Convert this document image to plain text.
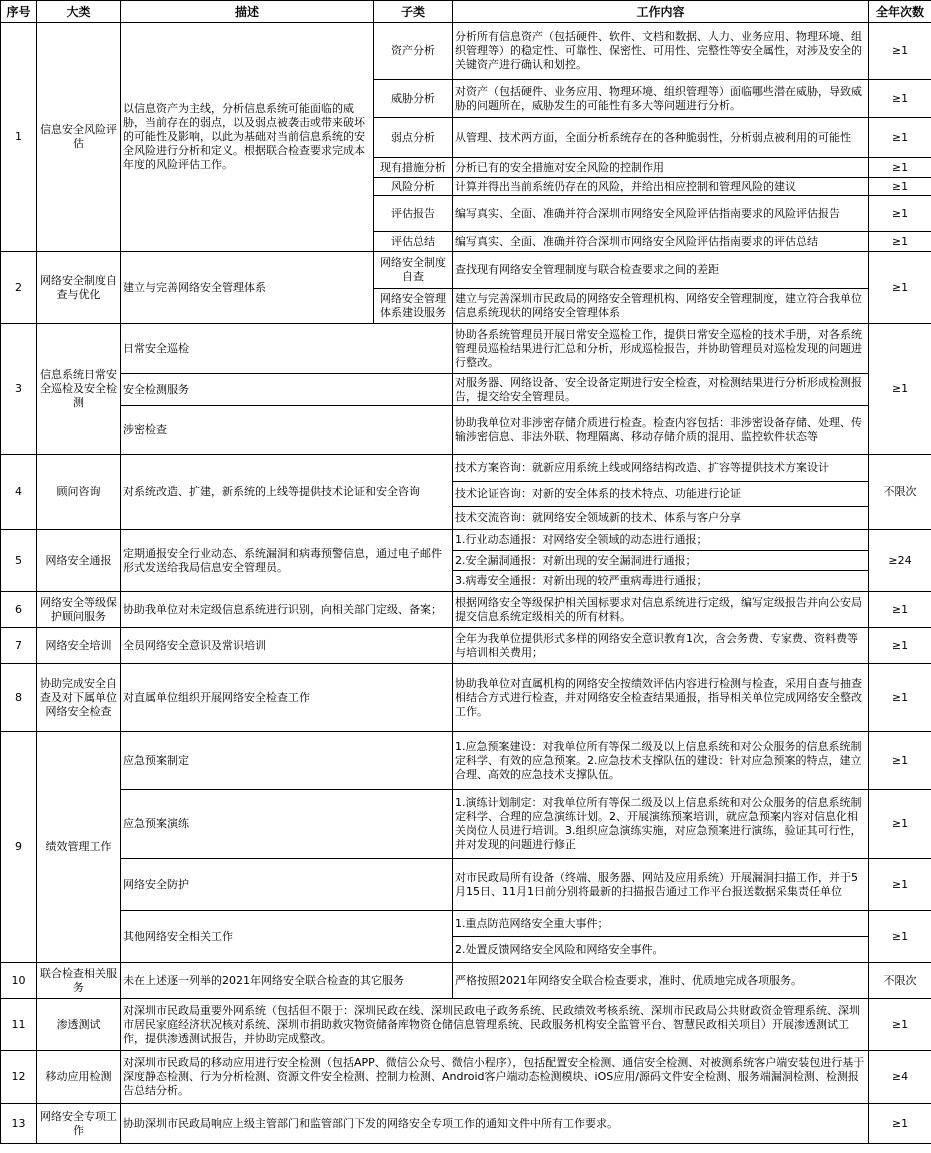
序号	大类	描述	子类	工作内容	全年次数
1	信息安全风险评估	以信息资产为主线，分析信息系统可能面临的威胁，当前存在的弱点，以及弱点被袭击或带来破坏的可能性及影响，以此为基础对当前信息系统的安全风险进行分析和定义。根据联合检查要求完成本年度的风险评估工作。	资产分析	分析所有信息资产（包括硬件、软件、文档和数据、人力、业务应用、物理环境、组织管理等）的稳定性、可靠性、保密性、可用性、完整性等安全属性，对涉及安全的关键资产进行确认和划控。	≥1
			威胁分析	对资产（包括硬件、业务应用、物理环境、组织管理等）面临哪些潜在威胁，导致威胁的问题所在，威胁发生的可能性有多大等问题进行分析。	≥1
			弱点分析	从管理、技术两方面，全面分析系统存在的各种脆弱性，分析弱点被利用的可能性	≥1
			现有措施分析	分析已有的安全措施对安全风险的控制作用	≥1
			风险分析	计算并得出当前系统仍存在的风险，并给出相应控制和管理风险的建议	≥1
			评估报告	编写真实、全面、准确并符合深圳市网络安全风险评估指南要求的风险评估报告	≥1
			评估总结	编写真实、全面、准确并符合深圳市网络安全风险评估指南要求的评估总结	≥1
2	网络安全制度自查与优化	建立与完善网络安全管理体系	网络安全制度自查	查找现有网络安全管理制度与联合检查要求之间的差距	≥1
			网络安全管理体系建设服务	建立与完善深圳市民政局的网络安全管理机构、网络安全管理制度，建立符合我单位信息系统现状的网络安全管理体系	
3	信息系统日常安全巡检及安全检测	日常安全巡检		协助各系统管理员开展日常安全巡检工作，提供日常安全巡检的技术手册，对各系统管理员巡检结果进行汇总和分析，形成巡检报告，并协助管理员对巡检发现的问题进行整改。	≥1
		安全检测服务		对服务器、网络设备、安全设备定期进行安全检查，对检测结果进行分析形成检测报告，提交给安全管理员。	
		涉密检查		协助我单位对非涉密存储介质进行检查。检查内容包括：非涉密设备存储、处理、传输涉密信息、非法外联、物理隔离、移动存储介质的混用、监控软件状态等	
4	顾问咨询	对系统改造、扩建，新系统的上线等提供技术论证和安全咨询		技术方案咨询：就新应用系统上线或网络结构改造、扩容等提供技术方案设计	不限次
				技术论证咨询：对新的安全体系的技术特点、功能进行论证	
				技术交流咨询：就网络安全领域新的技术、体系与客户分享	
5	网络安全通报	定期通报安全行业动态、系统漏洞和病毒预警信息，通过电子邮件形式发送给我局信息安全管理员。		1.行业动态通报：对网络安全领域的动态进行通报；	≥24
				2.安全漏洞通报：对新出现的安全漏洞进行通报；	
				3.病毒安全通报：对新出现的较严重病毒进行通报；	
6	网络安全等级保护顾问服务	协助我单位对未定级信息系统进行识别，向相关部门定级、备案；		根据网络安全等级保护相关国标要求对信息系统进行定级，编写定级报告并向公安局提交信息系统定级相关的所有材料。	≥1
7	网络安全培训	全员网络安全意识及常识培训		全年为我单位提供形式多样的网络安全意识教育1次，含会务费、专家费、资料费等与培训相关费用；	≥1
8	协助完成安全自查及对下属单位网络安全检查	对直属单位组织开展网络安全检查工作		协助我单位对直属机构的网络安全按绩效评估内容进行检测与检查，采用自查与抽查相结合方式进行检查，并对网络安全检查结果通报，指导相关单位完成网络安全整改工作。	≥1
9	绩效管理工作	应急预案制定		1.应急预案建设：对我单位所有等保二级及以上信息系统和对公众服务的信息系统制定科学、有效的应急预案。2.应急技术支撑队伍的建设：针对应急预案的特点，建立合理、高效的应急技术支撑队伍。	≥1
		应急预案演练		1.演练计划制定：对我单位所有等保二级及以上信息系统和对公众服务的信息系统制定科学、合理的应急演练计划。2、开展演练预案培训，就应急预案内容对信息化相关岗位人员进行培训。3.组织应急演练实施，对应急预案进行演练，验证其可行性，并对发现的问题进行修正	≥1
		网络安全防护		对市民政局所有设备（终端、服务器、网站及应用系统）开展漏洞扫描工作，并于5月15日、11月1日前分别将最新的扫描报告通过工作平台报送数据采集责任单位	≥1
		其他网络安全相关工作		1.重点防范网络安全重大事件；	≥1
				2.处置反馈网络安全风险和网络安全事件。	
10	联合检查相关服务	未在上述逐一列举的2021年网络安全联合检查的其它服务		严格按照2021年网络安全联合检查要求，准时、优质地完成各项服务。	不限次
11	渗透测试	对深圳市民政局重要外网系统（包括但不限于：深圳民政在线、深圳民政电子政务系统、民政绩效考核系统、深圳市民政局公共财政资金管理系统、深圳市居民家庭经济状况核对系统、深圳市捐助救灾物资储备库物资仓储信息管理系统、民政服务机构安全监管平台、智慧民政相关项目）开展渗透测试工作，提供渗透测试报告，并协助完成整改。			≥1
12	移动应用检测	对深圳市民政局的移动应用进行安全检测（包括APP、微信公众号、微信小程序），包括配置安全检测、通信安全检测、对被测系统客户端安装包进行基于深度静态检测、行为分析检测、资源文件安全检测、控制力检测、Android客户端动态检测模块、iOS应用/源码文件安全检测、服务端漏洞检测、检测报告总结分析。			≥4
13	网络安全专项工作	协助深圳市民政局响应上级主管部门和监管部门下发的网络安全专项工作的通知文件中所有工作要求。			≥1
